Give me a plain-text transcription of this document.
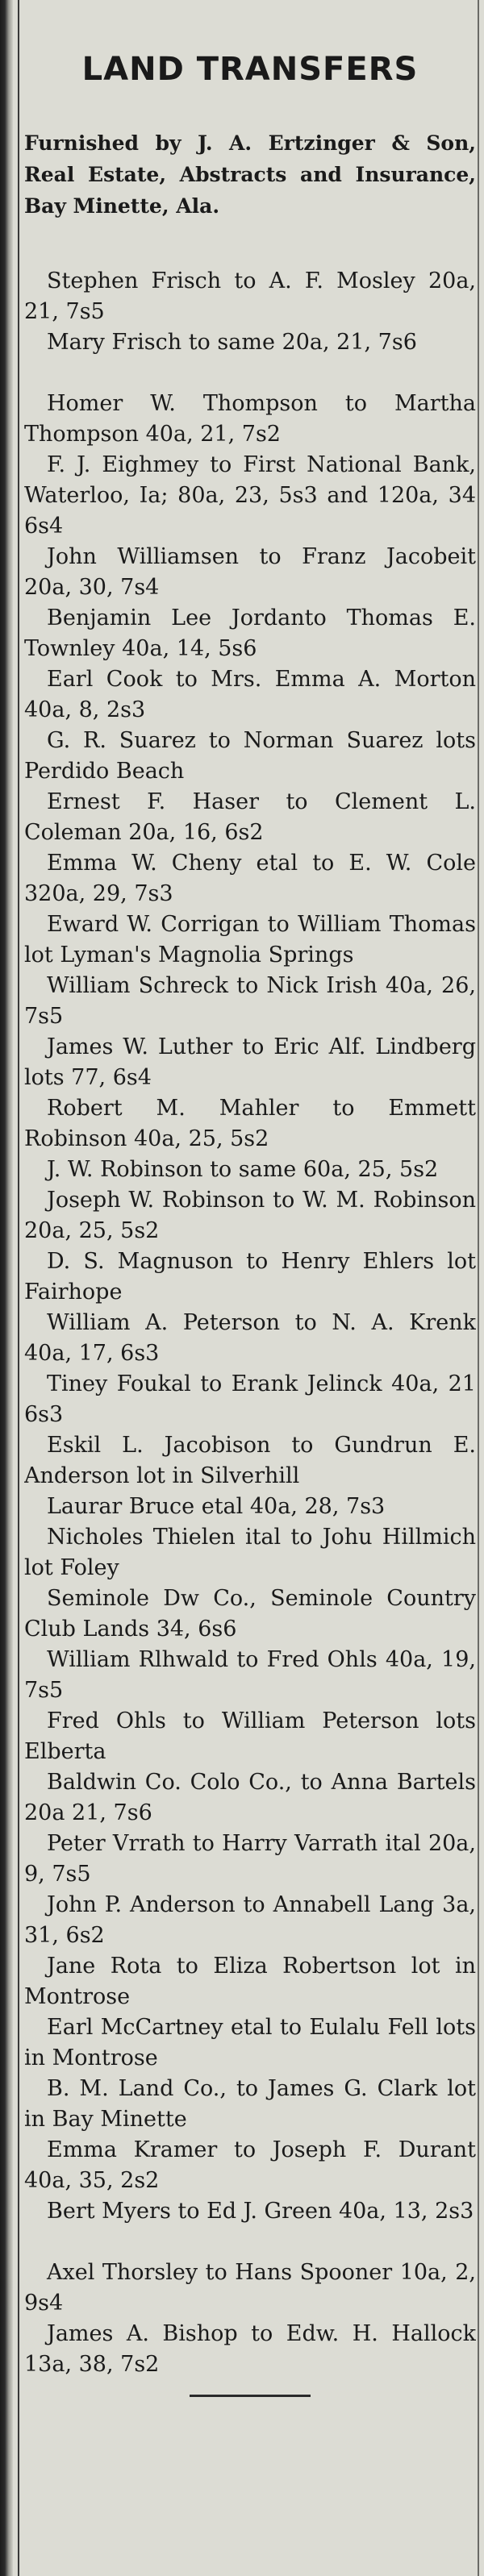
LAND TRANSFERS
Furnished by J. A. Ertzinger & Son, Real Estate, Abstracts and Insurance, Bay Minette, Ala.
Stephen Frisch to A. F. Mosley 20a, 21, 7s5
Mary Frisch to same 20a, 21, 7s6
Homer W. Thompson to Martha Thompson 40a, 21, 7s2
F. J. Eighmey to First National Bank, Waterloo, Ia; 80a, 23, 5s3 and 120a, 34 6s4
John Williamsen to Franz Jacobeit 20a, 30, 7s4
Benjamin Lee Jordanto Thomas E. Townley 40a, 14, 5s6
Earl Cook to Mrs. Emma A. Morton 40a, 8, 2s3
G. R. Suarez to Norman Suarez lots Perdido Beach
Ernest F. Haser to Clement L. Coleman 20a, 16, 6s2
Emma W. Cheny etal to E. W. Cole 320a, 29, 7s3
Eward W. Corrigan to William Thomas lot Lyman's Magnolia Springs
William Schreck to Nick Irish 40a, 26, 7s5
James W. Luther to Eric Alf. Lindberg lots 77, 6s4
Robert M. Mahler to Emmett Robinson 40a, 25, 5s2
J. W. Robinson to same 60a, 25, 5s2
Joseph W. Robinson to W. M. Robinson 20a, 25, 5s2
D. S. Magnuson to Henry Ehlers lot Fairhope
William A. Peterson to N. A. Krenk 40a, 17, 6s3
Tiney Foukal to Erank Jelinck 40a, 21 6s3
Eskil L. Jacobison to Gundrun E. Anderson lot in Silverhill
Laurar Bruce etal 40a, 28, 7s3
Nicholes Thielen ital to Johu Hillmich lot Foley
Seminole Dw Co., Seminole Country Club Lands 34, 6s6
William Rlhwald to Fred Ohls 40a, 19, 7s5
Fred Ohls to William Peterson lots Elberta
Baldwin Co. Colo Co., to Anna Bartels 20a 21, 7s6
Peter Vrrath to Harry Varrath ital 20a, 9, 7s5
John P. Anderson to Annabell Lang 3a, 31, 6s2
Jane Rota to Eliza Robertson lot in Montrose
Earl McCartney etal to Eulalu Fell lots in Montrose
B. M. Land Co., to James G. Clark lot in Bay Minette
Emma Kramer to Joseph F. Durant 40a, 35, 2s2
Bert Myers to Ed J. Green 40a, 13, 2s3
Axel Thorsley to Hans Spooner 10a, 2, 9s4
James A. Bishop to Edw. H. Hallock 13a, 38, 7s2
